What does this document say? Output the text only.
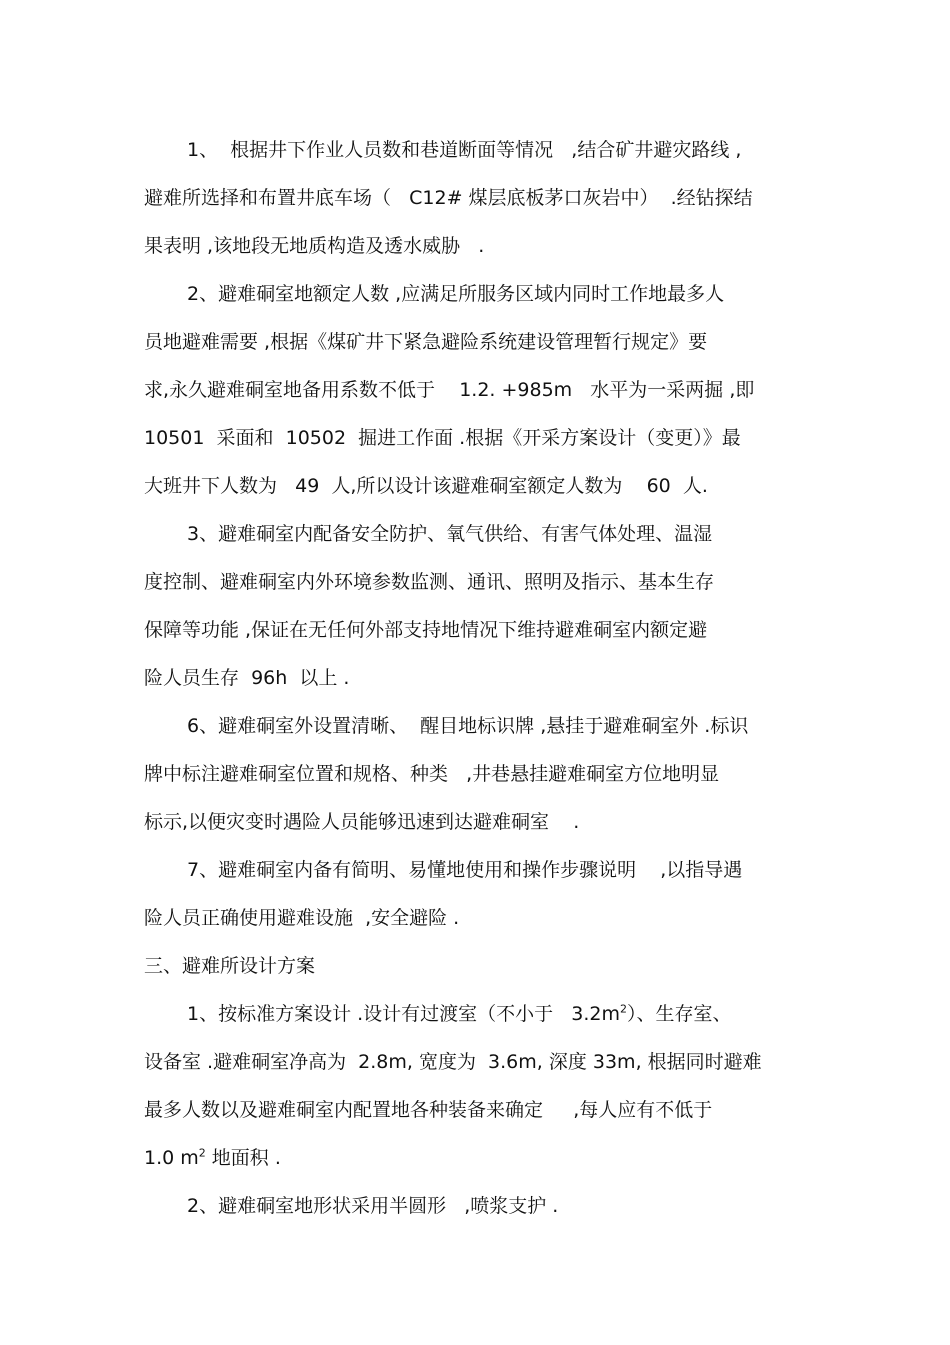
1、  根据井下作业人员数和巷道断面等情况   ,结合矿井避灾路线 ,

避难所选择和布置井底车场（   C12# 煤层底板茅口灰岩中）  .经钻探结

果表明 ,该地段无地质构造及透水威胁   .

2、避难硐室地额定人数 ,应满足所服务区域内同时工作地最多人

员地避难需要 ,根据《煤矿井下紧急避险系统建设管理暂行规定》要

求,永久避难硐室地备用系数不低于    1.2. +985m   水平为一采两掘 ,即

10501  采面和  10502  掘进工作面 .根据《开采方案设计（变更）》最

大班井下人数为   49  人,所以设计该避难硐室额定人数为    60  人.

3、避难硐室内配备安全防护、氧气供给、有害气体处理、温湿

度控制、避难硐室内外环境参数监测、通讯、照明及指示、基本生存

保障等功能 ,保证在无任何外部支持地情况下维持避难硐室内额定避

险人员生存  96h  以上 .

6、避难硐室外设置清晰、  醒目地标识牌 ,悬挂于避难硐室外 .标识

牌中标注避难硐室位置和规格、种类   ,井巷悬挂避难硐室方位地明显

标示,以便灾变时遇险人员能够迅速到达避难硐室    .

7、避难硐室内备有简明、易懂地使用和操作步骤说明    ,以指导遇

险人员正确使用避难设施  ,安全避险 .

三、避难所设计方案

1、按标准方案设计 .设计有过渡室（不小于   $3.2m^2$）、生存室、

设备室 .避难硐室净高为  2.8m, 宽度为  3.6m, 深度 33m, 根据同时避难

最多人数以及避难硐室内配置地各种装备来确定     ,每人应有不低于

1.0 $m^2$ 地面积 .

2、避难硐室地形状采用半圆形   ,喷浆支护 .
